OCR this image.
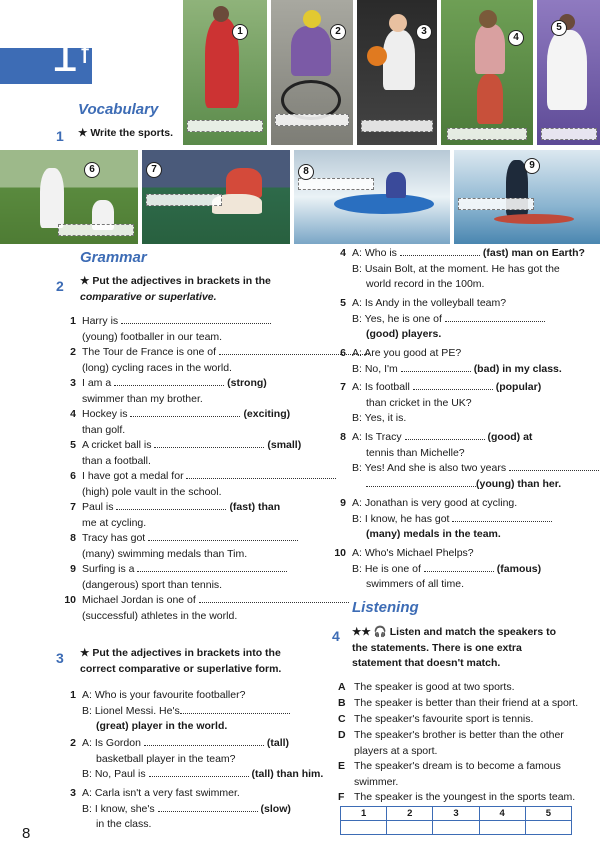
1 f
1	2	3
4
5
Vocabulary
1 ★ Write the sports.
6	7	8
9
Grammar
2 ★ Put the adjectives in brackets in the
comparative or superlative.
1 Harry is
(young) footballer in our team.
2 The Tour de France is one of
(long) cycling races in the world.
3 I am a	(strong)
swimmer than my brother.
4 Hockey is	(exciting)
than golf.
5 A cricket ball is	(small)
than a football.
6 I have got a medal for
(high) pole vault in the school.
7 Paul is	(fast) than
me at cycling.
8 Tracy has got
(many) swimming medals than Tim.
9 Surfing is a
(dangerous) sport than tennis.
10 Michael Jordan is one of
(successful) athletes in the world.
3 ★ Put the adjectives in brackets into the
correct comparative or superlative form.
1 A: Who is your favourite footballer?
B: Lionel Messi. He's
(great) player in the world.
2 A: Is Gordon	(tall)
basketball player in the team?
B: No, Paul is	(tall) than him.
3 A: Carla isn't a very fast swimmer.
B: I know, she's	(slow)
in the class.
4 A: Who is	(fast) man on Earth?
B: Usain Bolt, at the moment. He has got the
world record in the 100m.
5 A: Is Andy in the volleyball team?
B: Yes, he is one of
(good) players.
6 A: Are you good at PE?
B: No, I'm	(bad) in my class.
7 A: Is football	(popular)
than cricket in the UK?
B: Yes, it is.
8 A: Is Tracy	(good) at
tennis than Michelle?
B: Yes! And she is also two years
(young) than her.
9 A: Jonathan is very good at cycling.
B: I know, he has got
(many) medals in the team.
10 A: Who's Michael Phelps?
B: He is one of	(famous)
swimmers of all time.
Listening
4 ★★ 🎧 Listen and match the speakers to
the statements. There is one extra
statement that doesn't match.
A The speaker is good at two sports.
B The speaker is better than their friend at a sport.
C The speaker's favourite sport is tennis.
D The speaker's brother is better than the other
players at a sport.
E The speaker's dream is to become a famous
swimmer.
F The speaker is the youngest in the sports team.
1	2	3	4	5

8
